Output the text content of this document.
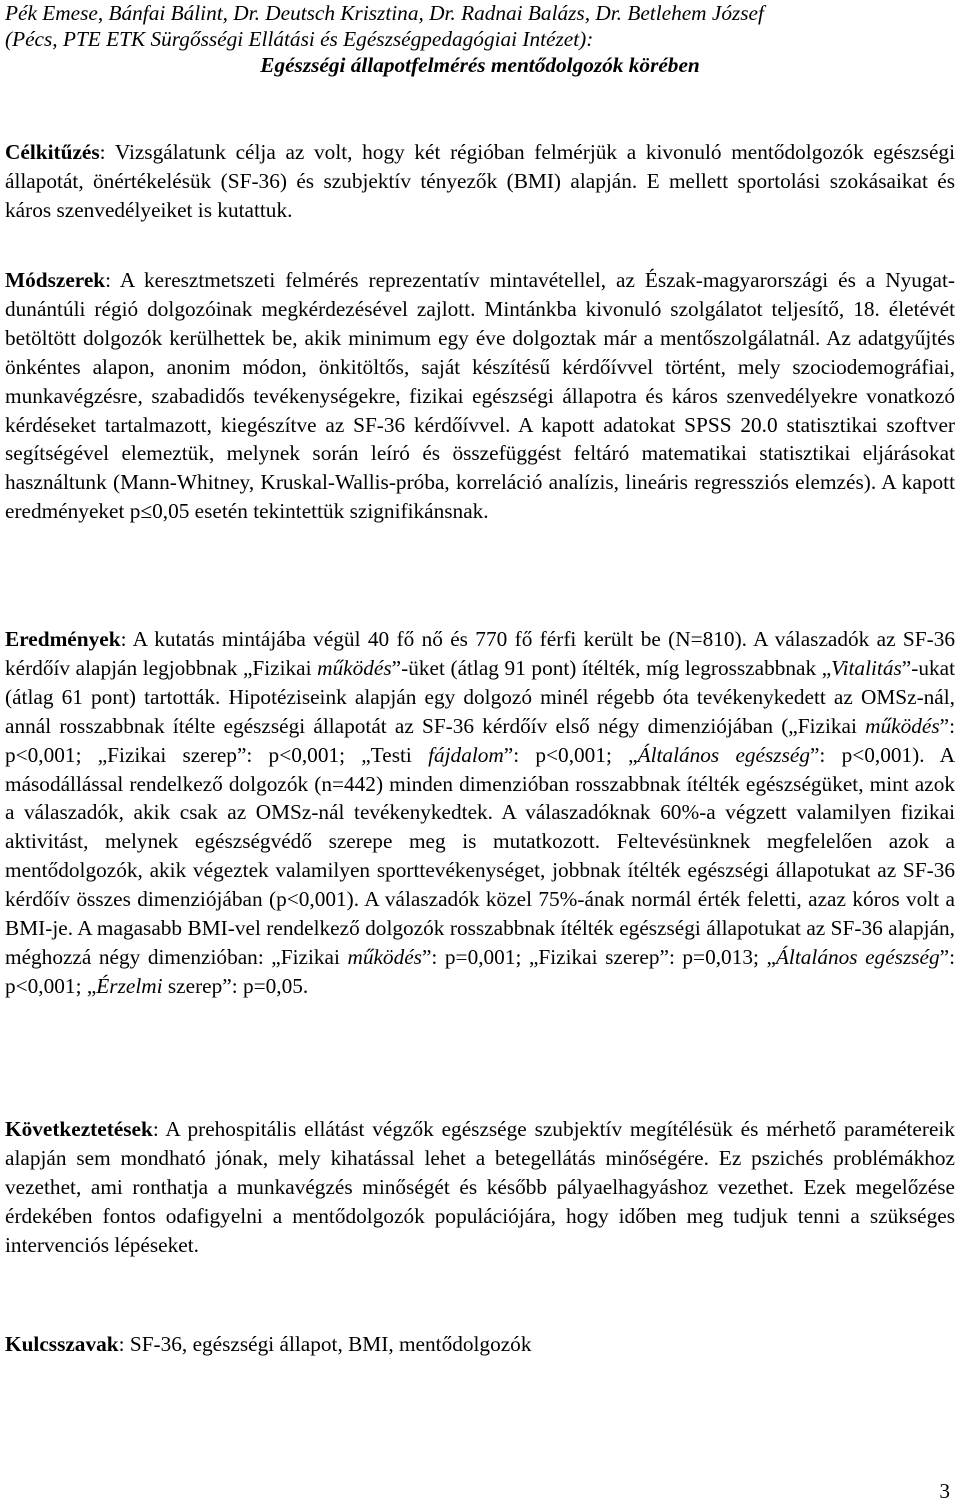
Pék Emese, Bánfai Bálint, Dr. Deutsch Krisztina, Dr. Radnai Balázs, Dr. Betlehem József
(Pécs, PTE ETK Sürgősségi Ellátási és Egészségpedagógiai Intézet):
Egészségi állapotfelmérés mentődolgozók körében
Célkitűzés: Vizsgálatunk célja az volt, hogy két régióban felmérjük a kivonuló mentődolgozók egészségi állapotát, önértékelésük (SF-36) és szubjektív tényezők (BMI) alapján. E mellett sportolási szokásaikat és káros szenvedélyeiket is kutattuk.
Módszerek: A keresztmetszeti felmérés reprezentatív mintavétellel, az Észak-magyarországi és a Nyugat-dunántúli régió dolgozóinak megkérdezésével zajlott. Mintánkba kivonuló szolgálatot teljesítő, 18. életévét betöltött dolgozók kerülhettek be, akik minimum egy éve dolgoztak már a mentőszolgálatnál. Az adatgyűjtés önkéntes alapon, anonim módon, önkitöltős, saját készítésű kérdőívvel történt, mely szociodemográfiai, munkavégzésre, szabadidős tevékenységekre, fizikai egészségi állapotra és káros szenvedélyekre vonatkozó kérdéseket tartalmazott, kiegészítve az SF-36 kérdőívvel. A kapott adatokat SPSS 20.0 statisztikai szoftver segítségével elemeztük, melynek során leíró és összefüggést feltáró matematikai statisztikai eljárásokat használtunk (Mann-Whitney, Kruskal-Wallis-próba, korreláció analízis, lineáris regressziós elemzés). A kapott eredményeket p≤0,05 esetén tekintettük szignifikánsnak.
Eredmények: A kutatás mintájába végül 40 fő nő és 770 fő férfi került be (N=810). A válaszadók az SF-36 kérdőív alapján legjobbnak „Fizikai működés”-üket (átlag 91 pont) ítélték, míg legrosszabbnak „Vitalitás”-ukat (átlag 61 pont) tartották. Hipotéziseink alapján egy dolgozó minél régebb óta tevékenykedett az OMSz-nál, annál rosszabbnak ítélte egészségi állapotát az SF-36 kérdőív első négy dimenziójában („Fizikai működés”: p<0,001; „Fizikai szerep”: p<0,001; „Testi fájdalom”: p<0,001; „Általános egészség”: p<0,001). A másodállással rendelkező dolgozók (n=442) minden dimenzióban rosszabbnak ítélték egészségüket, mint azok a válaszadók, akik csak az OMSz-nál tevékenykedtek. A válaszadóknak 60%-a végzett valamilyen fizikai aktivitást, melynek egészségvédő szerepe meg is mutatkozott. Feltevésünknek megfelelően azok a mentődolgozók, akik végeztek valamilyen sporttevékenységet, jobbnak ítélték egészségi állapotukat az SF-36 kérdőív összes dimenziójában (p<0,001). A válaszadók közel 75%-ának normál érték feletti, azaz kóros volt a BMI-je. A magasabb BMI-vel rendelkező dolgozók rosszabbnak ítélték egészségi állapotukat az SF-36 alapján, méghozzá négy dimenzióban: „Fizikai működés”: p=0,001; „Fizikai szerep”: p=0,013; „Általános egészség”: p<0,001; „Érzelmi szerep”: p=0,05.
Következtetések: A prehospitális ellátást végzők egészsége szubjektív megítélésük és mérhető paramétereik alapján sem mondható jónak, mely kihatással lehet a betegellátás minőségére. Ez pszichés problémákhoz vezethet, ami ronthatja a munkavégzés minőségét és később pályaelhagyáshoz vezethet. Ezek megelőzése érdekében fontos odafigyelni a mentődolgozók populációjára, hogy időben meg tudjuk tenni a szükséges intervenciós lépéseket.
Kulcsszavak: SF-36, egészségi állapot, BMI, mentődolgozók
3
